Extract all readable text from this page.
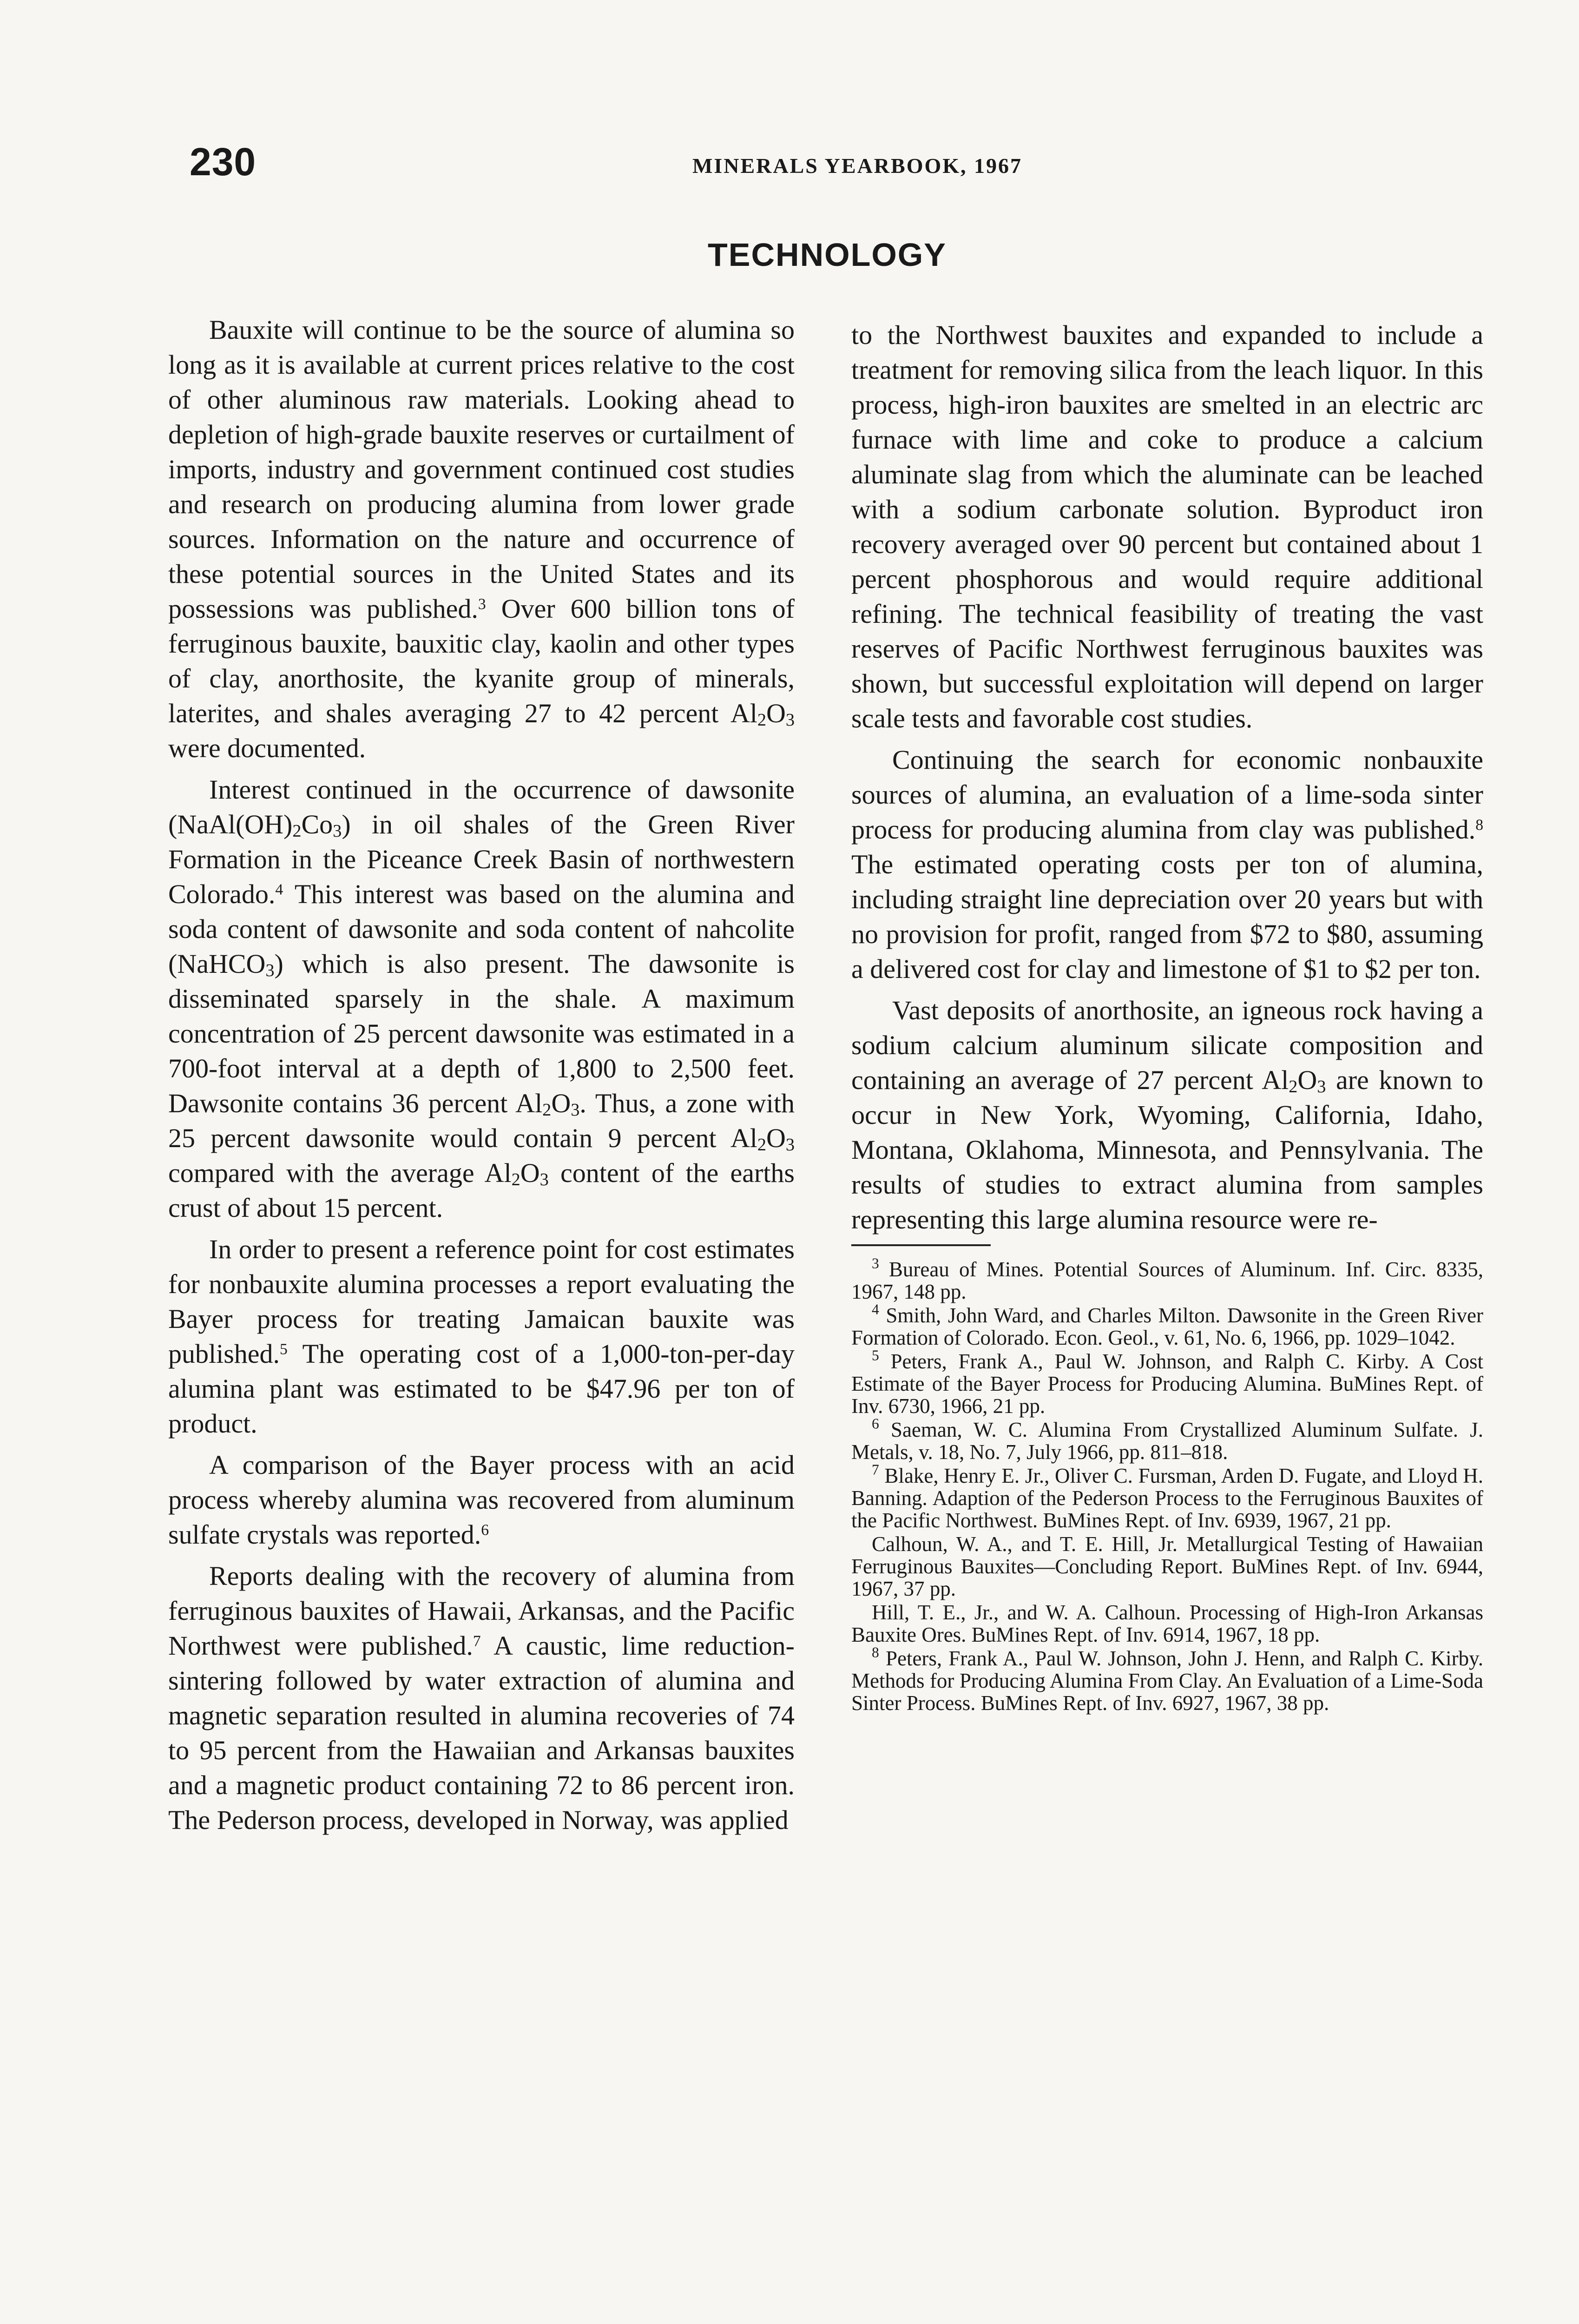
230	MINERALS YEARBOOK, 1967
TECHNOLOGY

Bauxite will continue to be the source of alumina so long as it is available at current prices relative to the cost of other aluminous raw materials. Looking ahead to depletion of high-grade bauxite reserves or curtailment of imports, industry and government continued cost studies and research on producing alumina from lower grade sources. Information on the nature and occurrence of these potential sources in the United States and its possessions was published.$^3$ Over 600 billion tons of ferruginous bauxite, bauxitic clay, kaolin and other types of clay, anorthosite, the kyanite group of minerals, laterites, and shales averaging 27 to 42 percent $Al_2O_3$ were documented.

Interest continued in the occurrence of dawsonite $(NaAl(OH)_2Co_3)$ in oil shales of the Green River Formation in the Piceance Creek Basin of northwestern Colorado.$^4$ This interest was based on the alumina and soda content of dawsonite and soda content of nahcolite (NaHCO$_3$) which is also present. The dawsonite is disseminated sparsely in the shale. A maximum concentration of 25 percent dawsonite was estimated in a 700-foot interval at a depth of 1,800 to 2,500 feet. Dawsonite contains 36 percent $Al_2O_3$. Thus, a zone with 25 percent dawsonite would contain 9 percent $Al_2O_3$ compared with the average $Al_2O_3$ content of the earths crust of about 15 percent.

In order to present a reference point for cost estimates for nonbauxite alumina processes a report evaluating the Bayer process for treating Jamaican bauxite was published.$^5$ The operating cost of a 1,000-ton-per-day alumina plant was estimated to be $47.96 per ton of product.

A comparison of the Bayer process with an acid process whereby alumina was recovered from aluminum sulfate crystals was reported.$^6$

Reports dealing with the recovery of alumina from ferruginous bauxites of Hawaii, Arkansas, and the Pacific Northwest were published.$^7$ A caustic, lime reduction-sintering followed by water extraction of alumina and magnetic separation resulted in alumina recoveries of 74 to 95 percent from the Hawaiian and Arkansas bauxites and a magnetic product containing 72 to 86 percent iron. The Pederson process, developed in Norway, was applied

to the Northwest bauxites and expanded to include a treatment for removing silica from the leach liquor. In this process, high-iron bauxites are smelted in an electric arc furnace with lime and coke to produce a calcium aluminate slag from which the aluminate can be leached with a sodium carbonate solution. Byproduct iron recovery averaged over 90 percent but contained about 1 percent phosphorous and would require additional refining. The technical feasibility of treating the vast reserves of Pacific Northwest ferruginous bauxites was shown, but successful exploitation will depend on larger scale tests and favorable cost studies.

Continuing the search for economic nonbauxite sources of alumina, an evaluation of a lime-soda sinter process for producing alumina from clay was published.$^8$ The estimated operating costs per ton of alumina, including straight line depreciation over 20 years but with no provision for profit, ranged from $72 to $80, assuming a delivered cost for clay and limestone of $1 to $2 per ton.

Vast deposits of anorthosite, an igneous rock having a sodium calcium aluminum silicate composition and containing an average of 27 percent $Al_2O_3$ are known to occur in New York, Wyoming, California, Idaho, Montana, Oklahoma, Minnesota, and Pennsylvania. The results of studies to extract alumina from samples representing this large alumina resource were re-

$^3$ Bureau of Mines. Potential Sources of Aluminum. Inf. Circ. 8335, 1967, 148 pp.

$^4$ Smith, John Ward, and Charles Milton. Dawsonite in the Green River Formation of Colorado. Econ. Geol., v. 61, No. 6, 1966, pp. 1029–1042.

$^5$ Peters, Frank A., Paul W. Johnson, and Ralph C. Kirby. A Cost Estimate of the Bayer Process for Producing Alumina. BuMines Rept. of Inv. 6730, 1966, 21 pp.

$^6$ Saeman, W. C. Alumina From Crystallized Aluminum Sulfate. J. Metals, v. 18, No. 7, July 1966, pp. 811–818.

$^7$ Blake, Henry E. Jr., Oliver C. Fursman, Arden D. Fugate, and Lloyd H. Banning. Adaption of the Pederson Process to the Ferruginous Bauxites of the Pacific Northwest. BuMines Rept. of Inv. 6939, 1967, 21 pp.

Calhoun, W. A., and T. E. Hill, Jr. Metallurgical Testing of Hawaiian Ferruginous Bauxites—Concluding Report. BuMines Rept. of Inv. 6944, 1967, 37 pp.

Hill, T. E., Jr., and W. A. Calhoun. Processing of High-Iron Arkansas Bauxite Ores. BuMines Rept. of Inv. 6914, 1967, 18 pp.

$^8$ Peters, Frank A., Paul W. Johnson, John J. Henn, and Ralph C. Kirby. Methods for Producing Alumina From Clay. An Evaluation of a Lime-Soda Sinter Process. BuMines Rept. of Inv. 6927, 1967, 38 pp.
